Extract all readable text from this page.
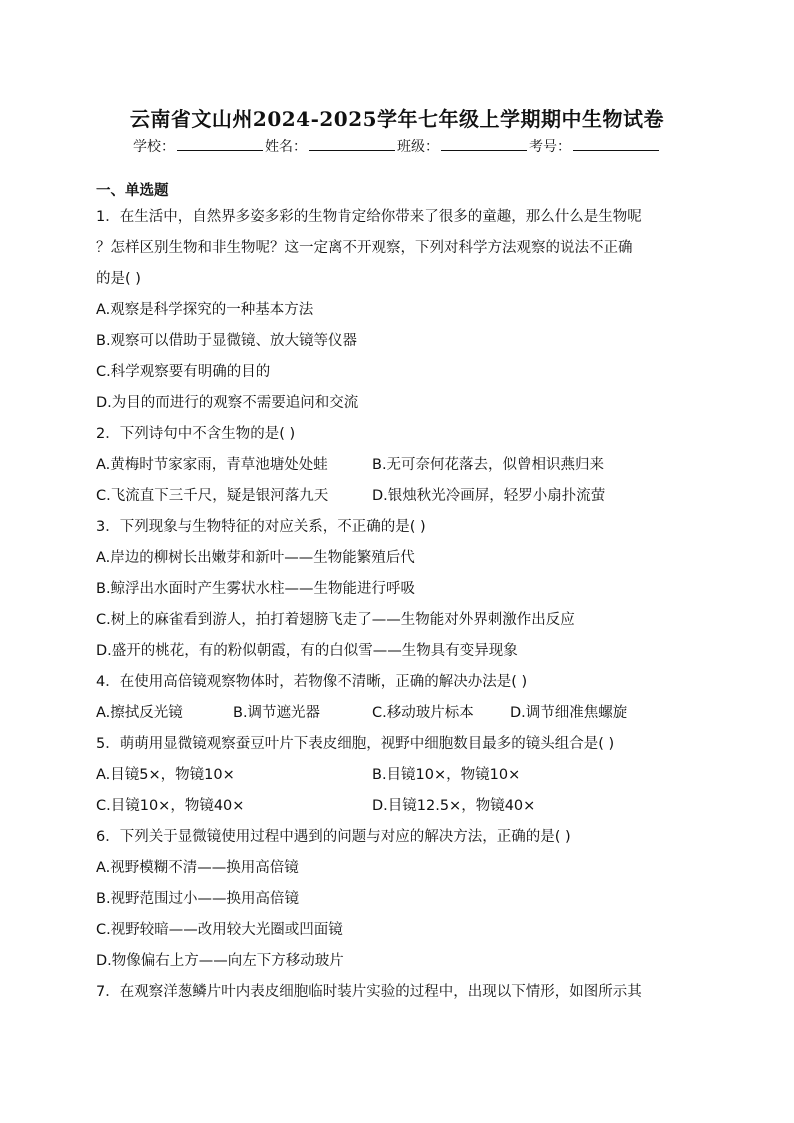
云南省文山州2024-2025学年七年级上学期期中生物试卷
学校：	姓名：	班级：	考号：
一、单选题
1．在生活中，自然界多姿多彩的生物肯定给你带来了很多的童趣，那么什么是生物呢
？怎样区别生物和非生物呢？这一定离不开观察，下列对科学方法观察的说法不正确
的是( )
A.观察是科学探究的一种基本方法
B.观察可以借助于显微镜、放大镜等仪器
C.科学观察要有明确的目的
D.为目的而进行的观察不需要追问和交流
2．下列诗句中不含生物的是( )
A.黄梅时节家家雨，青草池塘处处蛙	B.无可奈何花落去，似曾相识燕归来
C.飞流直下三千尺，疑是银河落九天	D.银烛秋光冷画屏，轻罗小扇扑流萤
3．下列现象与生物特征的对应关系，不正确的是( )
A.岸边的柳树长出嫩芽和新叶——生物能繁殖后代
B.鲸浮出水面时产生雾状水柱——生物能进行呼吸
C.树上的麻雀看到游人，拍打着翅膀飞走了——生物能对外界刺激作出反应
D.盛开的桃花，有的粉似朝霞，有的白似雪——生物具有变异现象
4．在使用高倍镜观察物体时，若物像不清晰，正确的解决办法是( )
A.擦拭反光镜	B.调节遮光器	C.移动玻片标本	D.调节细准焦螺旋
5．萌萌用显微镜观察蚕豆叶片下表皮细胞，视野中细胞数目最多的镜头组合是( )
A.目镜5×，物镜10×	B.目镜10×，物镜10×
C.目镜10×，物镜40×	D.目镜12.5×，物镜40×
6．下列关于显微镜使用过程中遇到的问题与对应的解决方法，正确的是( )
A.视野模糊不清——换用高倍镜
B.视野范围过小——换用高倍镜
C.视野较暗——改用较大光圈或凹面镜
D.物像偏右上方——向左下方移动玻片
7．在观察洋葱鳞片叶内表皮细胞临时装片实验的过程中，出现以下情形，如图所示其
